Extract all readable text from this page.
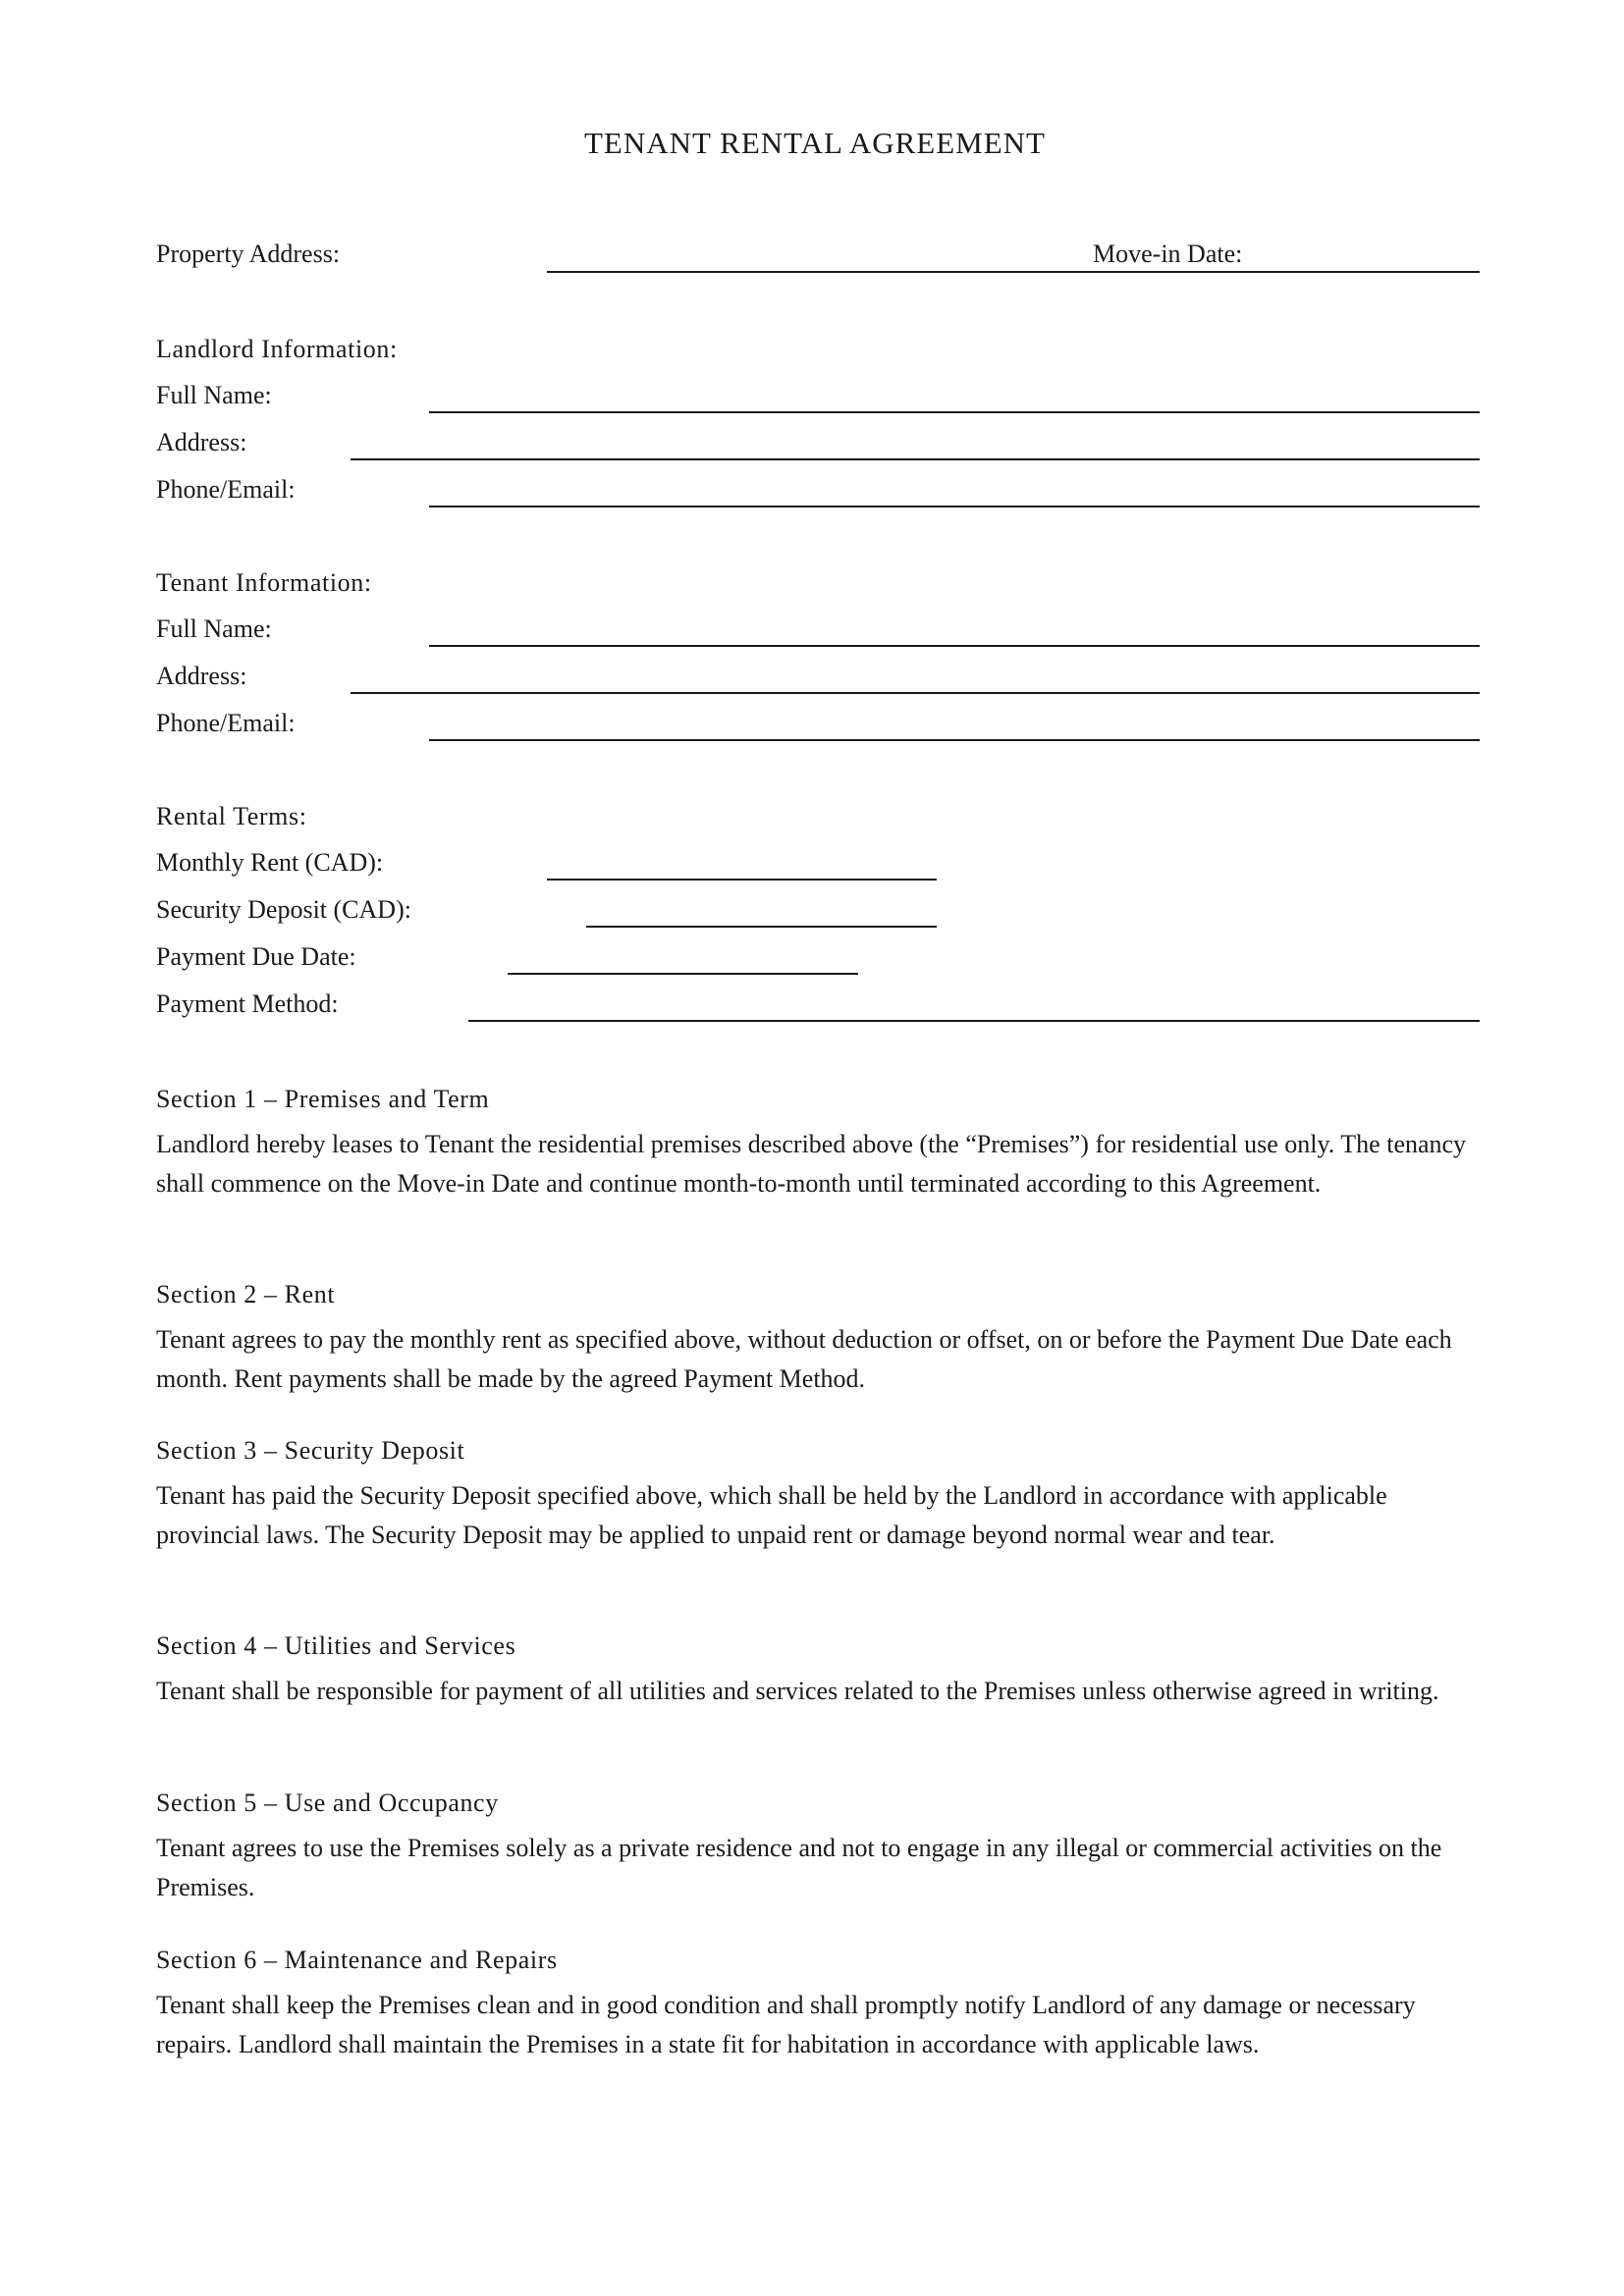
TENANT RENTAL AGREEMENT
Property Address:	Move-in Date:
Landlord Information:
Full Name:
Address:
Phone/Email:
Tenant Information:
Full Name:
Address:
Phone/Email:
Rental Terms:
Monthly Rent (CAD):
Security Deposit (CAD):
Payment Due Date:
Payment Method:
Section 1 – Premises and Term
Landlord hereby leases to Tenant the residential premises described above (the “Premises”) for residential use only. The tenancy shall commence on the Move-in Date and continue month-to-month until terminated according to this Agreement.
Section 2 – Rent
Tenant agrees to pay the monthly rent as specified above, without deduction or offset, on or before the Payment Due Date each month. Rent payments shall be made by the agreed Payment Method.
Section 3 – Security Deposit
Tenant has paid the Security Deposit specified above, which shall be held by the Landlord in accordance with applicable provincial laws. The Security Deposit may be applied to unpaid rent or damage beyond normal wear and tear.
Section 4 – Utilities and Services
Tenant shall be responsible for payment of all utilities and services related to the Premises unless otherwise agreed in writing.
Section 5 – Use and Occupancy
Tenant agrees to use the Premises solely as a private residence and not to engage in any illegal or commercial activities on the Premises.
Section 6 – Maintenance and Repairs
Tenant shall keep the Premises clean and in good condition and shall promptly notify Landlord of any damage or necessary repairs. Landlord shall maintain the Premises in a state fit for habitation in accordance with applicable laws.
